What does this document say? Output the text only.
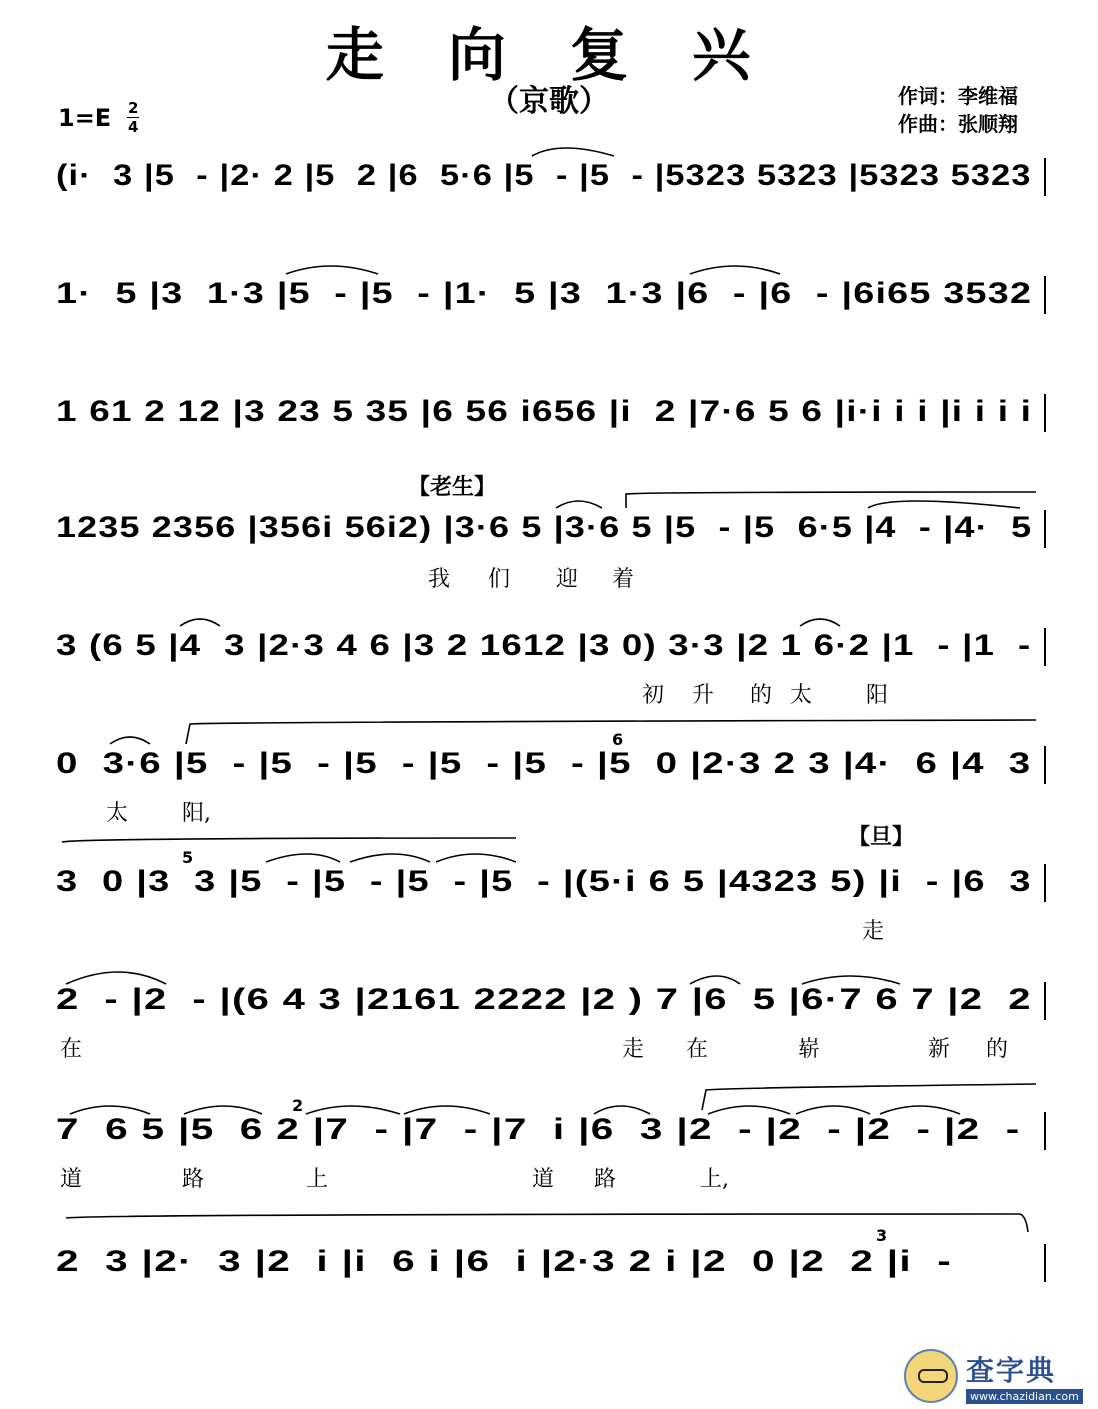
走 向 复 兴
（京歌）	作词：李维福
作曲：张顺翔
$1=E \frac{2}{4}$
(i·  3 |5  - |2· 2 |5  2 |6  5·6 |5  - |5  - |5323 5323 |5323 5323
1·  5 |3  1·3 |5  - |5  - |1·  5 |3  1·3 |6  - |6  - |6i65 3532
1 61 2 12 |3 23 5 35 |6 56 i656 |i  2 |7·6 5 6 |i·i i i |i i i i
【老生】
1235 2356 |356i 56i2) |3·6 5 |3·6 5 |5  - |5  6·5 |4  - |4·  5
我 们 迎 着
3 (6 5 |4  3 |2·3 4 6 |3 2 1612 |3 0) 3·3 |2 1 6·2 |1  - |1  -
初 升 的 太 阳
0  3·6 |5  - |5  - |5  - |5  - |5  - |5  0 |2·3 2 3 |4·  6 |4  3
太 阳,
【旦】
3  0 |3  3 |5  - |5  - |5  - |5  - |(5·i 6 5 |4323 5) |i  - |6  3
走
2  - |2  - |(6 4 3 |2161 2222 |2 ) 7 |6  5 |6·7 6 7 |2  2
在	走 在	崭	新 的
7  6 5 |5  6 2 |7  - |7  - |7  i |6  3 |2  - |2  - |2  - |2  -
道	路	上	道 路	上,
2  3 |2·  3 |2  i |i  6 i |6  i |2·3 2 i |2  0 |2  2 |i  -
6
5
2
3
查字典
www.chazidian.com
